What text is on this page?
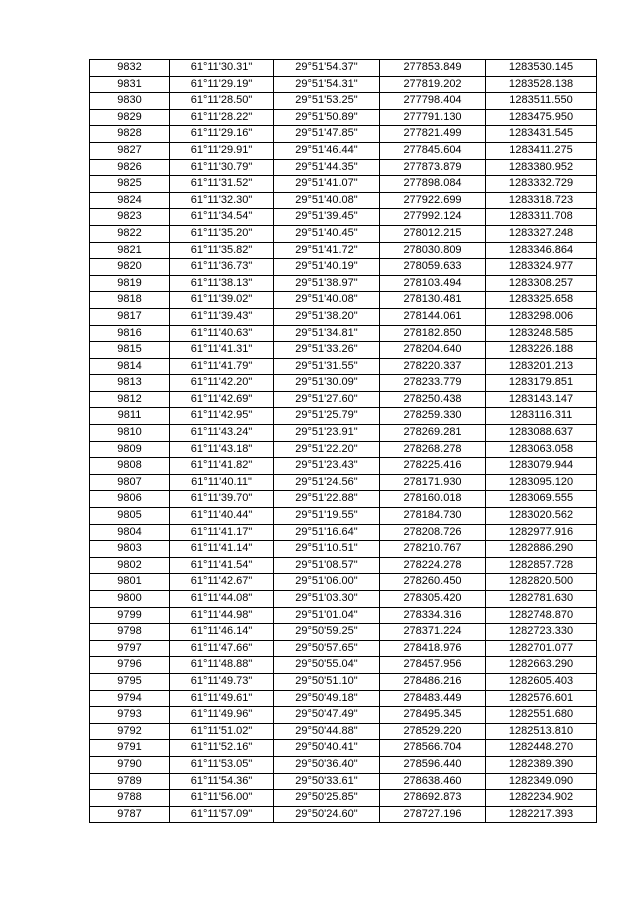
9832	61°11'30.31"	29°51'54.37"	277853.849	1283530.145
9831	61°11'29.19"	29°51'54.31"	277819.202	1283528.138
9830	61°11'28.50"	29°51'53.25"	277798.404	1283511.550
9829	61°11'28.22"	29°51'50.89"	277791.130	1283475.950
9828	61°11'29.16"	29°51'47.85"	277821.499	1283431.545
9827	61°11'29.91"	29°51'46.44"	277845.604	1283411.275
9826	61°11'30.79"	29°51'44.35"	277873.879	1283380.952
9825	61°11'31.52"	29°51'41.07"	277898.084	1283332.729
9824	61°11'32.30"	29°51'40.08"	277922.699	1283318.723
9823	61°11'34.54"	29°51'39.45"	277992.124	1283311.708
9822	61°11'35.20"	29°51'40.45"	278012.215	1283327.248
9821	61°11'35.82"	29°51'41.72"	278030.809	1283346.864
9820	61°11'36.73"	29°51'40.19"	278059.633	1283324.977
9819	61°11'38.13"	29°51'38.97"	278103.494	1283308.257
9818	61°11'39.02"	29°51'40.08"	278130.481	1283325.658
9817	61°11'39.43"	29°51'38.20"	278144.061	1283298.006
9816	61°11'40.63"	29°51'34.81"	278182.850	1283248.585
9815	61°11'41.31"	29°51'33.26"	278204.640	1283226.188
9814	61°11'41.79"	29°51'31.55"	278220.337	1283201.213
9813	61°11'42.20"	29°51'30.09"	278233.779	1283179.851
9812	61°11'42.69"	29°51'27.60"	278250.438	1283143.147
9811	61°11'42.95"	29°51'25.79"	278259.330	1283116.311
9810	61°11'43.24"	29°51'23.91"	278269.281	1283088.637
9809	61°11'43.18"	29°51'22.20"	278268.278	1283063.058
9808	61°11'41.82"	29°51'23.43"	278225.416	1283079.944
9807	61°11'40.11"	29°51'24.56"	278171.930	1283095.120
9806	61°11'39.70"	29°51'22.88"	278160.018	1283069.555
9805	61°11'40.44"	29°51'19.55"	278184.730	1283020.562
9804	61°11'41.17"	29°51'16.64"	278208.726	1282977.916
9803	61°11'41.14"	29°51'10.51"	278210.767	1282886.290
9802	61°11'41.54"	29°51'08.57"	278224.278	1282857.728
9801	61°11'42.67"	29°51'06.00"	278260.450	1282820.500
9800	61°11'44.08"	29°51'03.30"	278305.420	1282781.630
9799	61°11'44.98"	29°51'01.04"	278334.316	1282748.870
9798	61°11'46.14"	29°50'59.25"	278371.224	1282723.330
9797	61°11'47.66"	29°50'57.65"	278418.976	1282701.077
9796	61°11'48.88"	29°50'55.04"	278457.956	1282663.290
9795	61°11'49.73"	29°50'51.10"	278486.216	1282605.403
9794	61°11'49.61"	29°50'49.18"	278483.449	1282576.601
9793	61°11'49.96"	29°50'47.49"	278495.345	1282551.680
9792	61°11'51.02"	29°50'44.88"	278529.220	1282513.810
9791	61°11'52.16"	29°50'40.41"	278566.704	1282448.270
9790	61°11'53.05"	29°50'36.40"	278596.440	1282389.390
9789	61°11'54.36"	29°50'33.61"	278638.460	1282349.090
9788	61°11'56.00"	29°50'25.85"	278692.873	1282234.902
9787	61°11'57.09"	29°50'24.60"	278727.196	1282217.393
